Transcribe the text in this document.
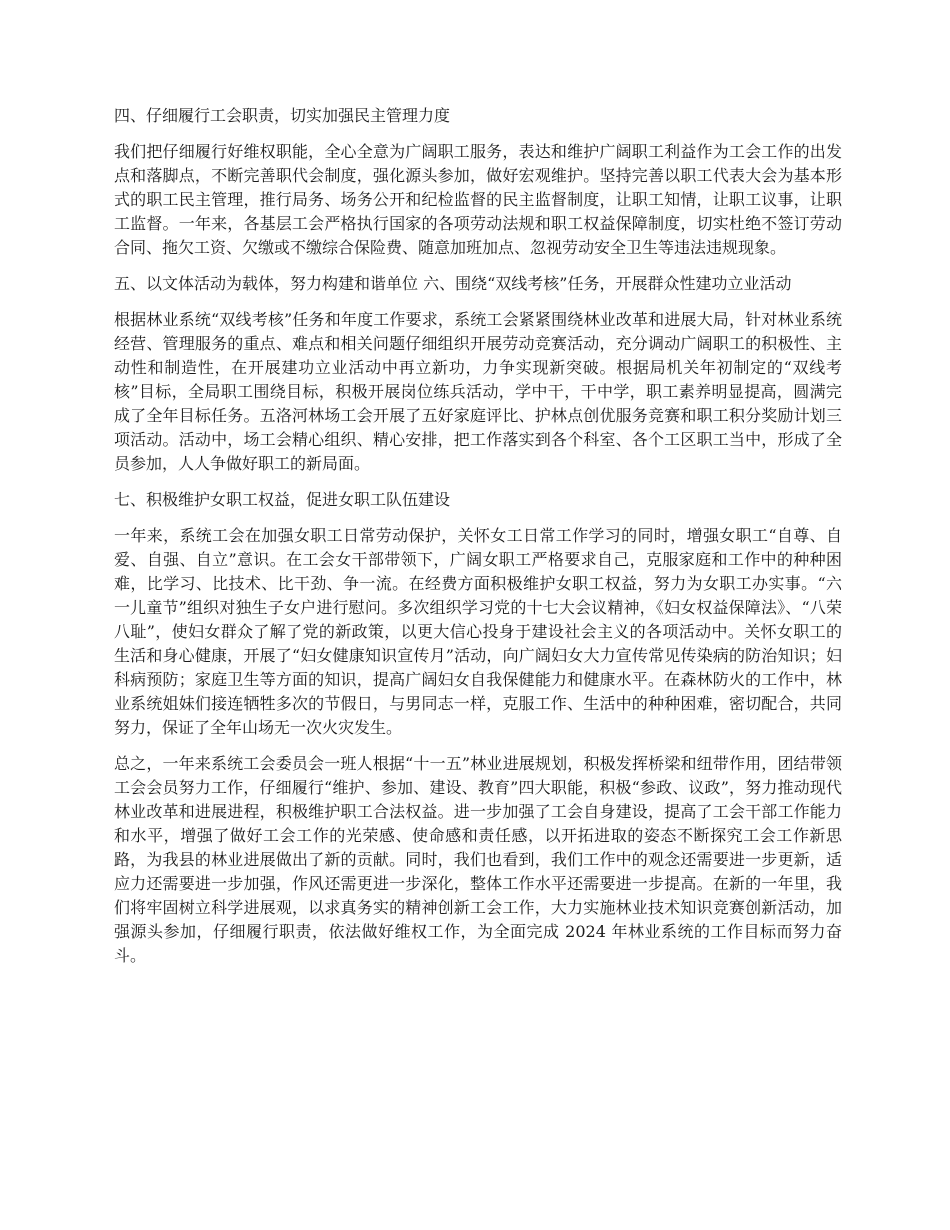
四、仔细履行工会职责，切实加强民主管理力度

我们把仔细履行好维权职能，全心全意为广阔职工服务，表达和维护广阔职工利益作为工会工作的出发点和落脚点，不断完善职代会制度，强化源头参加，做好宏观维护。坚持完善以职工代表大会为基本形式的职工民主管理，推行局务、场务公开和纪检监督的民主监督制度，让职工知情，让职工议事，让职工监督。一年来，各基层工会严格执行国家的各项劳动法规和职工权益保障制度，切实杜绝不签订劳动合同、拖欠工资、欠缴或不缴综合保险费、随意加班加点、忽视劳动安全卫生等违法违规现象。

五、以文体活动为载体，努力构建和谐单位 六、围绕“双线考核”任务，开展群众性建功立业活动

根据林业系统“双线考核”任务和年度工作要求，系统工会紧紧围绕林业改革和进展大局，针对林业系统经营、管理服务的重点、难点和相关问题仔细组织开展劳动竞赛活动，充分调动广阔职工的积极性、主动性和制造性，在开展建功立业活动中再立新功，力争实现新突破。根据局机关年初制定的“双线考核”目标，全局职工围绕目标，积极开展岗位练兵活动，学中干，干中学，职工素养明显提高，圆满完成了全年目标任务。五洛河林场工会开展了五好家庭评比、护林点创优服务竞赛和职工积分奖励计划三项活动。活动中，场工会精心组织、精心安排，把工作落实到各个科室、各个工区职工当中，形成了全员参加，人人争做好职工的新局面。

七、积极维护女职工权益，促进女职工队伍建设

一年来，系统工会在加强女职工日常劳动保护，关怀女工日常工作学习的同时，增强女职工“自尊、自爱、自强、自立”意识。在工会女干部带领下，广阔女职工严格要求自己，克服家庭和工作中的种种困难，比学习、比技术、比干劲、争一流。在经费方面积极维护女职工权益，努力为女职工办实事。“六一儿童节”组织对独生子女户进行慰问。多次组织学习党的十七大会议精神，《妇女权益保障法》、“八荣八耻”，使妇女群众了解了党的新政策，以更大信心投身于建设社会主义的各项活动中。关怀女职工的生活和身心健康，开展了“妇女健康知识宣传月”活动，向广阔妇女大力宣传常见传染病的防治知识；妇科病预防；家庭卫生等方面的知识，提高广阔妇女自我保健能力和健康水平。在森林防火的工作中，林业系统姐妹们接连牺牲多次的节假日，与男同志一样，克服工作、生活中的种种困难，密切配合，共同努力，保证了全年山场无一次火灾发生。

总之，一年来系统工会委员会一班人根据“十一五”林业进展规划，积极发挥桥梁和纽带作用，团结带领工会会员努力工作，仔细履行“维护、参加、建设、教育”四大职能，积极“参政、议政”，努力推动现代林业改革和进展进程，积极维护职工合法权益。进一步加强了工会自身建设，提高了工会干部工作能力和水平，增强了做好工会工作的光荣感、使命感和责任感，以开拓进取的姿态不断探究工会工作新思路，为我县的林业进展做出了新的贡献。同时，我们也看到，我们工作中的观念还需要进一步更新，适应力还需要进一步加强，作风还需更进一步深化，整体工作水平还需要进一步提高。在新的一年里，我们将牢固树立科学进展观，以求真务实的精神创新工会工作，大力实施林业技术知识竞赛创新活动，加强源头参加，仔细履行职责，依法做好维权工作，为全面完成 2024 年林业系统的工作目标而努力奋斗。
